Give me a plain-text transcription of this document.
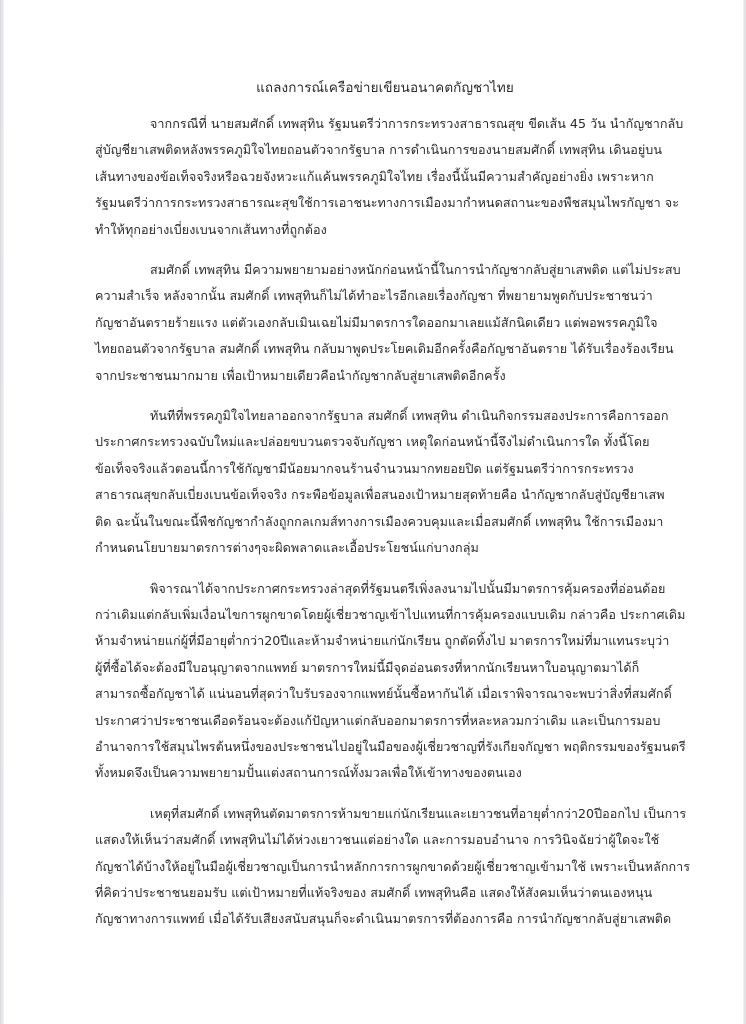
แถลงการณ์เครือข่ายเขียนอนาคตกัญชาไทย
จากกรณีที่ นายสมศักดิ์ เทพสุทิน รัฐมนตรีว่าการกระทรวงสาธารณสุข ขีดเส้น 45 วัน นำกัญชากลับ
สู่บัญชียาเสพติดหลังพรรคภูมิใจไทยถอนตัวจากรัฐบาล การดำเนินการของนายสมศักดิ์ เทพสุทิน เดินอยู่บน
เส้นทางของข้อเท็จจริงหรือฉวยจังหวะแก้แค้นพรรคภูมิใจไทย เรื่องนี้นั้นมีความสำคัญอย่างยิ่ง เพราะหาก
รัฐมนตรีว่าการกระทรวงสาธารณะสุขใช้การเอาชนะทางการเมืองมากำหนดสถานะของพืชสมุนไพรกัญชา จะ
ทำให้ทุกอย่างเบี่ยงเบนจากเส้นทางที่ถูกต้อง
สมศักดิ์ เทพสุทิน มีความพยายามอย่างหนักก่อนหน้านี้ในการนำกัญชากลับสู่ยาเสพติด แต่ไม่ประสบ
ความสำเร็จ หลังจากนั้น สมศักดิ์ เทพสุทินก็ไม่ได้ทำอะไรอีกเลยเรื่องกัญชา ที่พยายามพูดกับประชาชนว่า
กัญชาอันตรายร้ายแรง แต่ตัวเองกลับเมินเฉยไม่มีมาตรการใดออกมาเลยแม้สักนิดเดียว แต่พอพรรคภูมิใจ
ไทยถอนตัวจากรัฐบาล สมศักดิ์ เทพสุทิน กลับมาพูดประโยคเดิมอีกครั้งคือกัญชาอันตราย ได้รับเรื่องร้องเรียน
จากประชาชนมากมาย เพื่อเป้าหมายเดียวคือนำกัญชากลับสู่ยาเสพติดอีกครั้ง
ทันทีที่พรรคภูมิใจไทยลาออกจากรัฐบาล สมศักดิ์ เทพสุทิน ดำเนินกิจกรรมสองประการคือการออก
ประกาศกระทรวงฉบับใหม่และปล่อยขบวนตรวจจับกัญชา เหตุใดก่อนหน้านี้จึงไม่ดำเนินการใด ทั้งนี้โดย
ข้อเท็จจริงแล้วตอนนี้การใช้กัญชามีน้อยมากจนร้านจำนวนมากทยอยปิด แต่รัฐมนตรีว่าการกระทรวง
สาธารณสุขกลับเบี่ยงเบนข้อเท็จจริง กระพือข้อมูลเพื่อสนองเป้าหมายสุดท้ายคือ นำกัญชากลับสู่บัญชียาเสพ
ติด ฉะนั้นในขณะนี้พืชกัญชากำลังถูกกลเกมส์ทางการเมืองควบคุมและเมื่อสมศักดิ์ เทพสุทิน ใช้การเมืองมา
กำหนดนโยบายมาตรการต่างๆจะผิดพลาดและเอื้อประโยชน์แก่บางกลุ่ม
พิจารณาได้จากประกาศกระทรวงล่าสุดที่รัฐมนตรีเพิ่งลงนามไปนั้นมีมาตรการคุ้มครองที่อ่อนด้อย
กว่าเดิมแต่กลับเพิ่มเงื่อนไขการผูกขาดโดยผู้เชี่ยวชาญเข้าไปแทนที่การคุ้มครองแบบเดิม กล่าวคือ ประกาศเดิม
ห้ามจำหน่ายแก่ผู้ที่มีอายุต่ำกว่า20ปีและห้ามจำหน่ายแก่นักเรียน ถูกตัดทิ้งไป มาตรการใหม่ที่มาแทนระบุว่า
ผู้ที่ซื้อได้จะต้องมีใบอนุญาตจากแพทย์ มาตรการใหม่นี้มีจุดอ่อนตรงที่หากนักเรียนหาใบอนุญาตมาได้ก็
สามารถซื้อกัญชาได้ แน่นอนที่สุดว่าใบรับรองจากแพทย์นั้นซื้อหากันได้ เมื่อเราพิจารณาจะพบว่าสิ่งที่สมศักดิ์
ประกาศว่าประชาชนเดือดร้อนจะต้องแก้ปัญหาแต่กลับออกมาตรการที่หละหลวมกว่าเดิม และเป็นการมอบ
อำนาจการใช้สมุนไพรต้นหนึ่งของประชาชนไปอยู่ในมือของผู้เชี่ยวชาญที่รังเกียจกัญชา พฤติกรรมของรัฐมนตรี
ทั้งหมดจึงเป็นความพยายามปั้นแต่งสถานการณ์ทั้งมวลเพื่อให้เข้าทางของตนเอง
เหตุที่สมศักดิ์ เทพสุทินตัดมาตรการห้ามขายแก่นักเรียนและเยาวชนที่อายุต่ำกว่า20ปีออกไป เป็นการ
แสดงให้เห็นว่าสมศักดิ์ เทพสุทินไม่ได้ห่วงเยาวชนแต่อย่างใด และการมอบอำนาจ การวินิจฉัยว่าผู้ใดจะใช้
กัญชาได้บ้างให้อยู่ในมือผู้เชี่ยวชาญเป็นการนำหลักการการผูกขาดด้วยผู้เชี่ยวชาญเข้ามาใช้ เพราะเป็นหลักการ
ที่คิดว่าประชาชนยอมรับ แต่เป้าหมายที่แท้จริงของ สมศักดิ์ เทพสุทินคือ แสดงให้สังคมเห็นว่าตนเองหนุน
กัญชาทางการแพทย์ เมื่อได้รับเสียงสนับสนุนก็จะดำเนินมาตรการที่ต้องการคือ การนำกัญชากลับสู่ยาเสพติด
